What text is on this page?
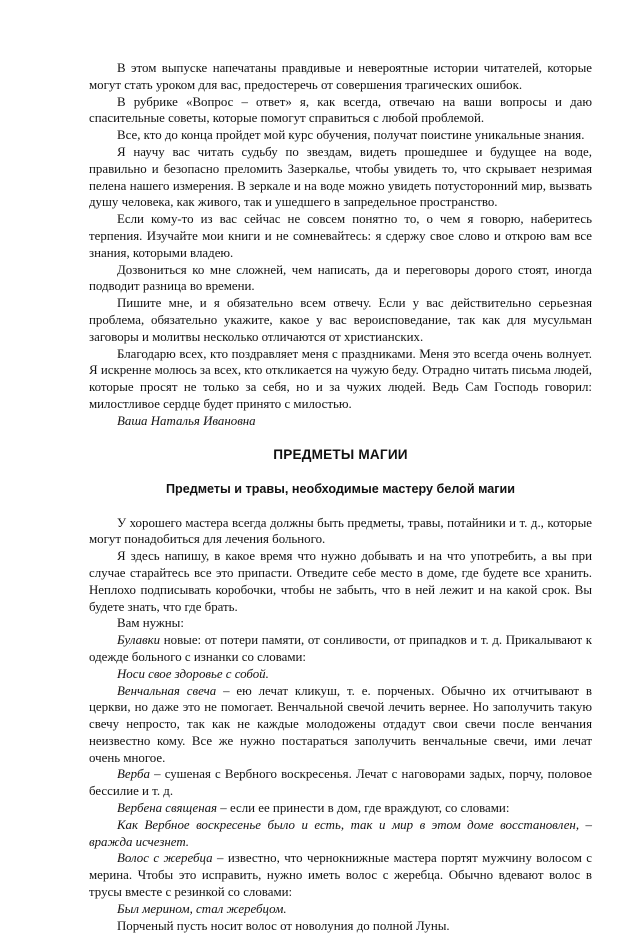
В этом выпуске напечатаны правдивые и невероятные истории читателей, которые могут стать уроком для вас, предостеречь от совершения трагических ошибок.

В рубрике «Вопрос – ответ» я, как всегда, отвечаю на ваши вопросы и даю спасительные советы, которые помогут справиться с любой проблемой.

Все, кто до конца пройдет мой курс обучения, получат поистине уникальные знания.

Я научу вас читать судьбу по звездам, видеть прошедшее и будущее на воде, правильно и безопасно преломить Зазеркалье, чтобы увидеть то, что скрывает незримая пелена нашего измерения. В зеркале и на воде можно увидеть потусторонний мир, вызвать душу человека, как живого, так и ушедшего в запредельное пространство.

Если кому-то из вас сейчас не совсем понятно то, о чем я говорю, наберитесь терпения. Изучайте мои книги и не сомневайтесь: я сдержу свое слово и открою вам все знания, которыми владею.

Дозвониться ко мне сложней, чем написать, да и переговоры дорого стоят, иногда подводит разница во времени.

Пишите мне, и я обязательно всем отвечу. Если у вас действительно серьезная проблема, обязательно укажите, какое у вас вероисповедание, так как для мусульман заговоры и молитвы несколько отличаются от христианских.

Благодарю всех, кто поздравляет меня с праздниками. Меня это всегда очень волнует. Я искренне молюсь за всех, кто откликается на чужую беду. Отрадно читать письма людей, которые просят не только за себя, но и за чужих людей. Ведь Сам Господь говорил: милостливое сердце будет принято с милостью.

Ваша Наталья Ивановна

ПРЕДМЕТЫ МАГИИ
Предметы и травы, необходимые мастеру белой магии

У хорошего мастера всегда должны быть предметы, травы, потайники и т. д., которые могут понадобиться для лечения больного.

Я здесь напишу, в какое время что нужно добывать и на что употребить, а вы при случае старайтесь все это припасти. Отведите себе место в доме, где будете все хранить. Неплохо подписывать коробочки, чтобы не забыть, что в ней лежит и на какой срок. Вы будете знать, что где брать.

Вам нужны:

Булавки новые: от потери памяти, от сонливости, от припадков и т. д. Прикалывают к одежде больного с изнанки со словами:

Носи свое здоровье с собой.

Венчальная свеча – ею лечат кликуш, т. е. порченых. Обычно их отчитывают в церкви, но даже это не помогает. Венчальной свечой лечить вернее. Но заполучить такую свечу непросто, так как не каждые молодожены отдадут свои свечи после венчания неизвестно кому. Все же нужно постараться заполучить венчальные свечи, ими лечат очень многое.

Верба – сушеная с Вербного воскресенья. Лечат с наговорами задых, порчу, половое бессилие и т. д.

Вербена священая – если ее принести в дом, где враждуют, со словами:

Как Вербное воскресенье было и есть, так и мир в этом доме восстановлен, – вражда исчезнет.

Волос с жеребца – известно, что чернокнижные мастера портят мужчину волосом с мерина. Чтобы это исправить, нужно иметь волос с жеребца. Обычно вдевают волос в трусы вместе с резинкой со словами:

Был мерином, стал жеребцом.

Порченый пусть носит волос от новолуния до полной Луны.
